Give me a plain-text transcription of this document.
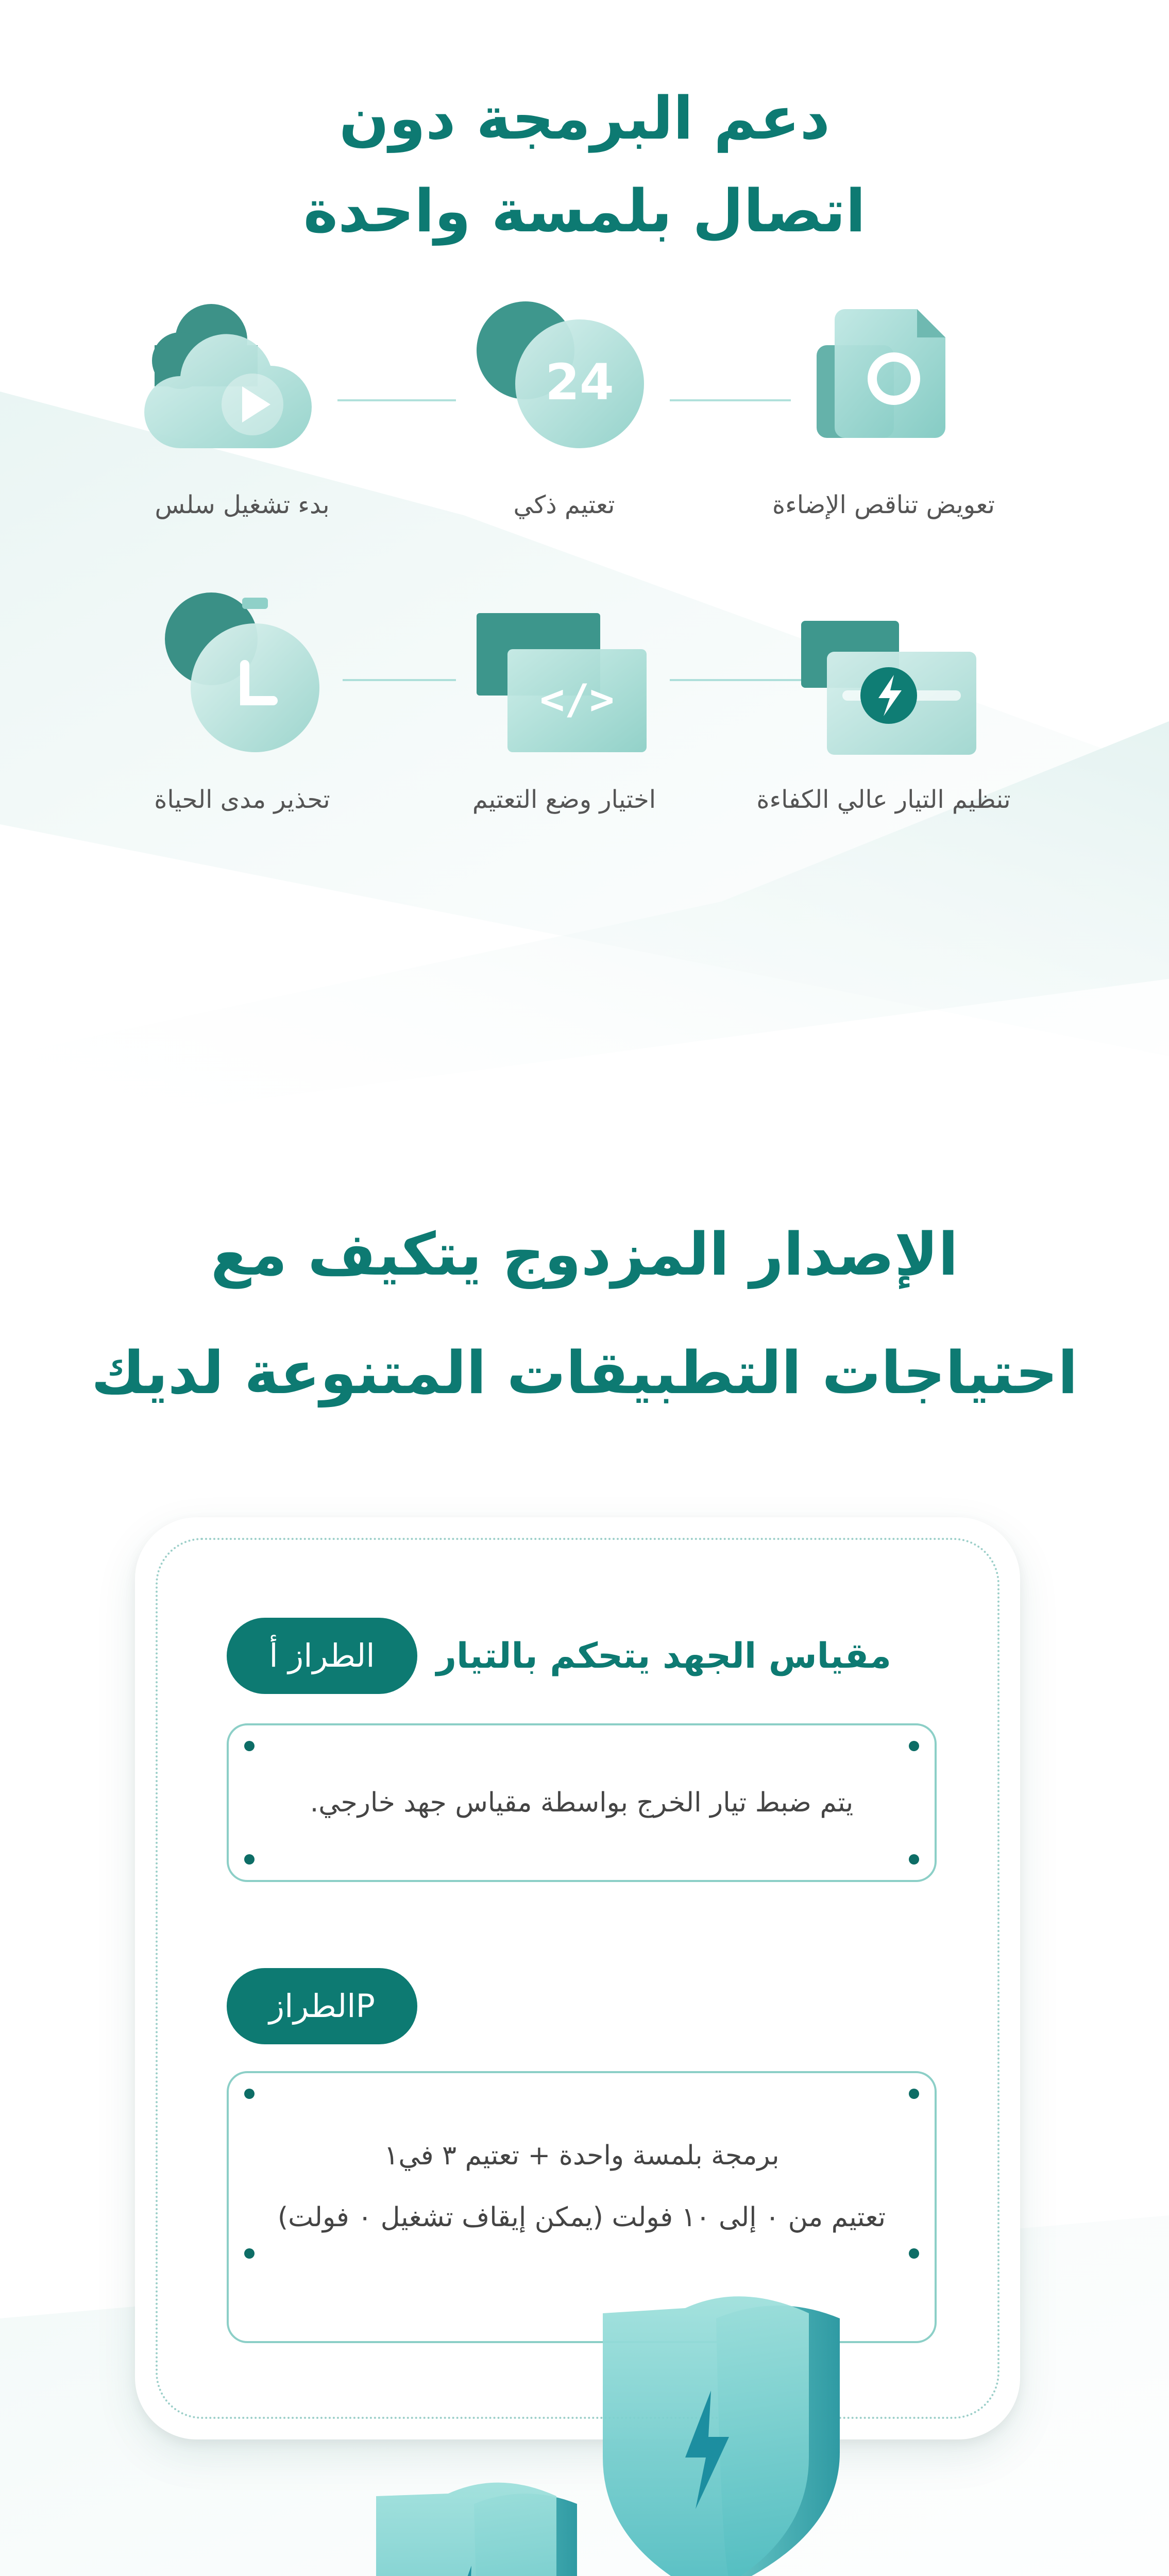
دعم البرمجة دون
اتصال بلمسة واحدة
تعويض تناقص الإضاءة
24
تعتيم ذكي
بدء تشغيل سلس
تنظيم التيار عالي الكفاءة
</>
اختيار وضع التعتيم
تحذير مدى الحياة
الإصدار المزدوج يتكيف مع
احتياجات التطبيقات المتنوعة لديك
الطراز أ	مقياس الجهد يتحكم بالتيار
يتم ضبط تيار الخرج بواسطة مقياس جهد خارجي.
Pالطراز
برمجة بلمسة واحدة + تعتيم ٣ في١
تعتيم من ٠ إلى ١٠ فولت (يمكن إيقاف تشغيل ٠ فولت)
